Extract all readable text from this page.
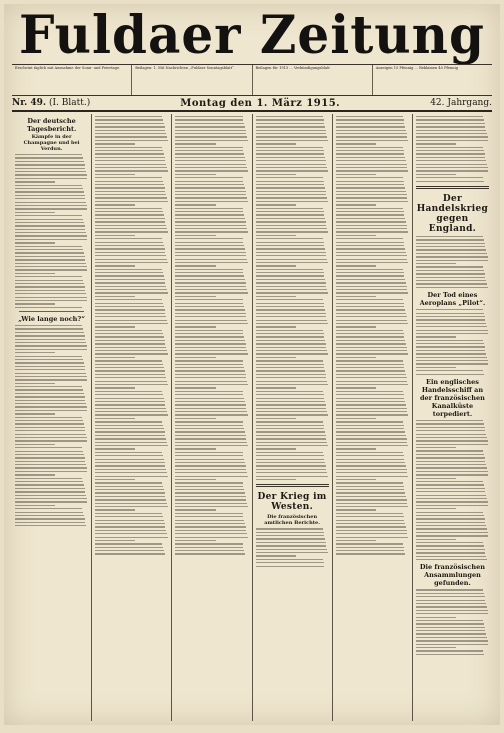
Fuldaer Zeitung
Erscheint täglich mit Ausnahme der Sonn- und Feiertage.	Beilagen: 1. Mit Nachrichten „Fuldaer Sonntagsblatt“	Beilagen für 1915 ... Verkündigungsblatt	Anzeigen 15 Pfennig ... Reklamen 40 Pfennig
Nr. 49. (I. Blatt.)	Montag den 1. März 1915.	42. Jahrgang.
Der deutsche Tagesbericht.
Kämpfe in der Champagne und bei Verdun.
„Wie lange noch?“
Der Krieg im Westen.
Die französischen amtlichen Berichte.
Der Handelskrieg gegen England.
Der Tod eines Aeroplans „Pilot“.
Ein englisches Handelsschiff an der französischen Kanalküste torpediert.
Die französischen Ansammlungen gefunden.
